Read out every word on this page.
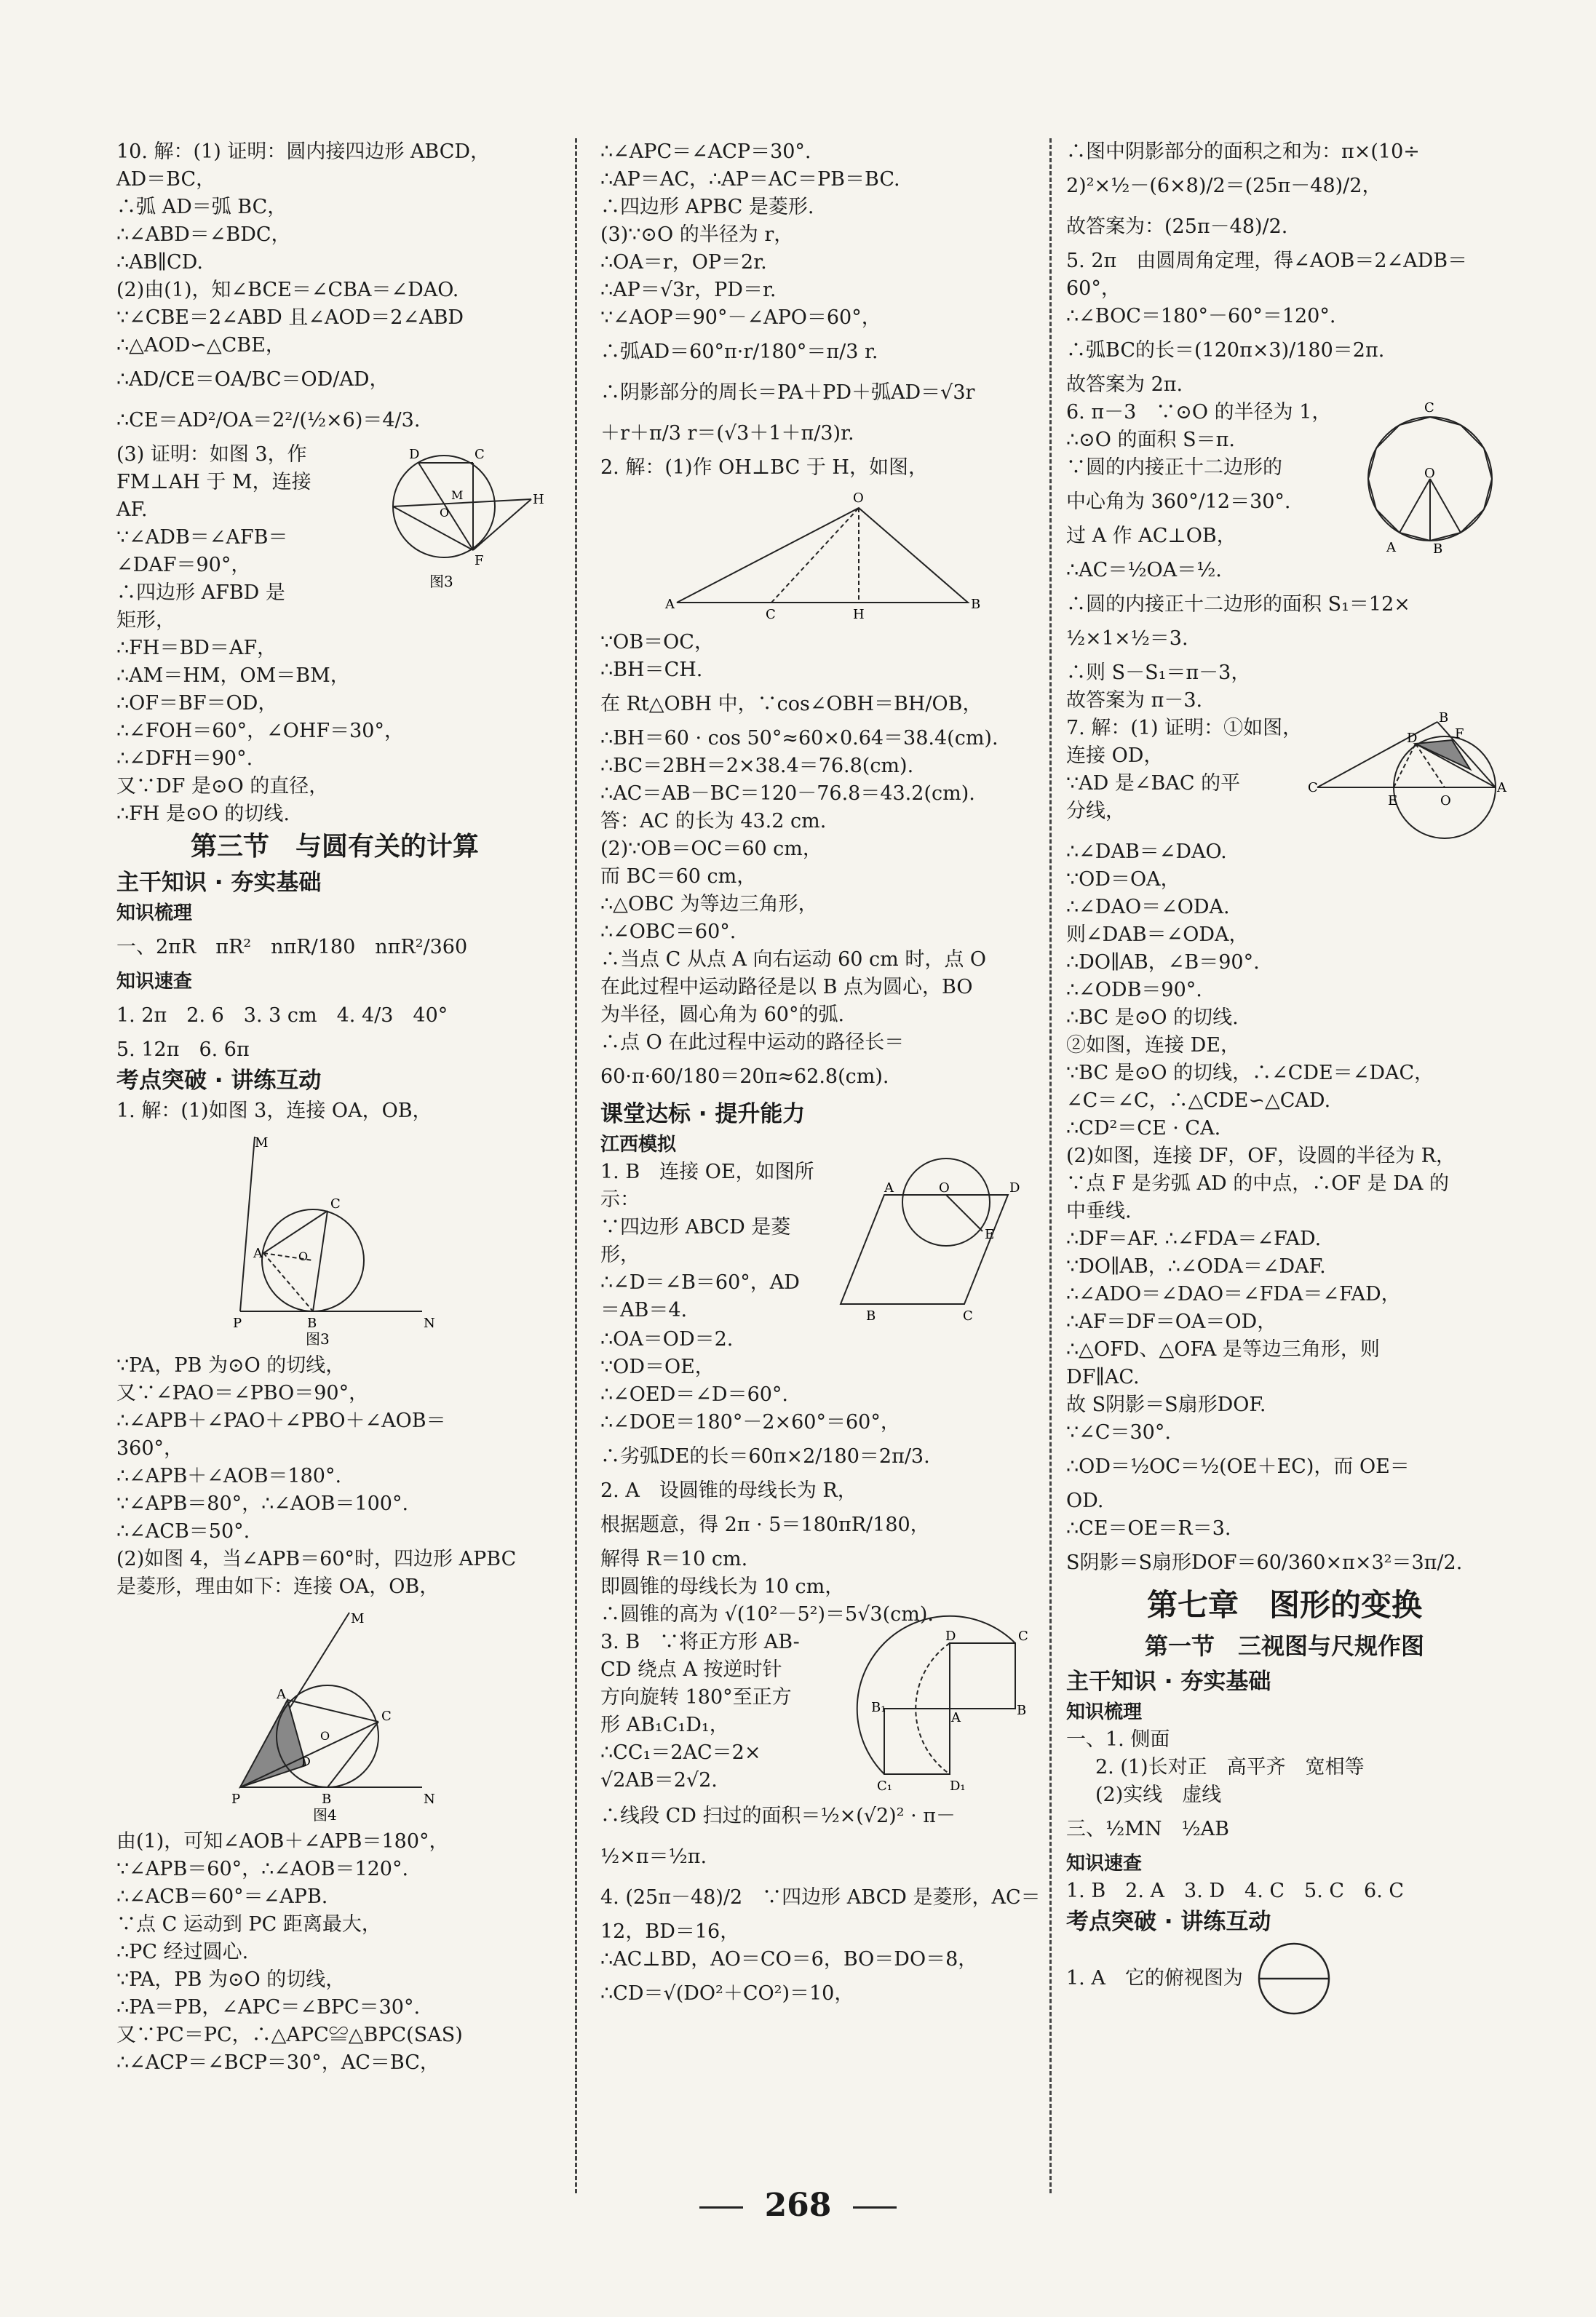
10. 解：(1) 证明：圆内接四边形 ABCD，
AD＝BC，
∴弧 AD＝弧 BC，
∴∠ABD＝∠BDC，
∴AB∥CD.
(2)由(1)，知∠BCE＝∠CBA＝∠DAO.
∵∠CBE＝2∠ABD 且∠AOD＝2∠ABD
∴△AOD∽△CBE，
∴AD/CE＝OA/BC＝OD/AD，
∴CE＝AD²/OA＝2²/(½×6)＝4/3.
(3) 证明：如图 3，作
FM⊥AH 于 M，连接
AF.
∵∠ADB＝∠AFB＝
∠DAF＝90°，
∴四边形 AFBD 是
矩形，
D	C
H
F
O
M
图3
∴FH＝BD＝AF，
∴AM＝HM，OM＝BM，
∴OF＝BF＝OD，
∴∠FOH＝60°，∠OHF＝30°，
∴∠DFH＝90°.
又∵DF 是⊙O 的直径，
∴FH 是⊙O 的切线.
第三节　与圆有关的计算
主干知识 · 夯实基础
知识梳理
一、2πR　πR²　nπR/180　nπR²/360
知识速查
1. 2π　2. 6　3. 3 cm　4. 4/3　40°
5. 12π　6. 6π
考点突破 · 讲练互动
1. 解：(1)如图 3，连接 OA，OB，
M
A
C
P	B	N
O
图3
∵PA，PB 为⊙O 的切线，
又∵∠PAO＝∠PBO＝90°，
∴∠APB＋∠PAO＋∠PBO＋∠AOB＝
360°，
∴∠APB＋∠AOB＝180°.
∵∠APB＝80°，∴∠AOB＝100°.
∴∠ACB＝50°.
(2)如图 4，当∠APB＝60°时，四边形 APBC
是菱形，理由如下：连接 OA，OB，
M
A
C
P	B	N
O
D
图4
由(1)，可知∠AOB＋∠APB＝180°，
∵∠APB＝60°，∴∠AOB＝120°.
∴∠ACB＝60°＝∠APB.
∵点 C 运动到 PC 距离最大，
∴PC 经过圆心.
∵PA，PB 为⊙O 的切线，
∴PA＝PB，∠APC＝∠BPC＝30°.
又∵PC＝PC，∴△APC≌△BPC(SAS)
∴∠ACP＝∠BCP＝30°，AC＝BC，
∴∠APC＝∠ACP＝30°.
∴AP＝AC，∴AP＝AC＝PB＝BC.
∴四边形 APBC 是菱形.
(3)∵⊙O 的半径为 r，
∴OA＝r，OP＝2r.
∴AP＝√3r，PD＝r.
∵∠AOP＝90°－∠APO＝60°，
∴弧AD＝60°π·r/180°＝π/3 r.
∴阴影部分的周长＝PA＋PD＋弧AD＝√3r
＋r＋π/3 r＝(√3＋1＋π/3)r.
2. 解：(1)作 OH⊥BC 于 H，如图，
O
A
C	H
B
∵OB＝OC，
∴BH＝CH.
在 Rt△OBH 中，∵cos∠OBH＝BH/OB，
∴BH＝60 · cos 50°≈60×0.64＝38.4(cm).
∴BC＝2BH＝2×38.4＝76.8(cm).
∴AC＝AB－BC＝120－76.8＝43.2(cm).
答：AC 的长为 43.2 cm.
(2)∵OB＝OC＝60 cm，
而 BC＝60 cm，
∴△OBC 为等边三角形，
∴∠OBC＝60°.
∴当点 C 从点 A 向右运动 60 cm 时，点 O
在此过程中运动路径是以 B 点为圆心，BO
为半径，圆心角为 60°的弧.
∴点 O 在此过程中运动的路径长＝
60·π·60/180＝20π≈62.8(cm).
课堂达标 · 提升能力
江西模拟
1. B　连接 OE，如图所
示：
∵四边形 ABCD 是菱
形，
∴∠D＝∠B＝60°，AD
＝AB＝4.
A	O	D
E
B	C
∴OA＝OD＝2.
∵OD＝OE，
∴∠OED＝∠D＝60°.
∴∠DOE＝180°－2×60°＝60°，
∴劣弧DE的长＝60π×2/180＝2π/3.
2. A　设圆锥的母线长为 R，
根据题意，得 2π · 5＝180πR/180，
解得 R＝10 cm.
即圆锥的母线长为 10 cm，
∴圆锥的高为 √(10²－5²)＝5√3(cm).
3. B　∵将正方形 AB-
CD 绕点 A 按逆时针
方向旋转 180°至正方
形 AB₁C₁D₁，
∴CC₁＝2AC＝2×
√2AB＝2√2.
D	C
B
A
B₁
C₁	D₁
∴线段 CD 扫过的面积＝½×(√2)² · π－
½×π＝½π.
4. (25π－48)/2　∵四边形 ABCD 是菱形，AC＝
12，BD＝16，
∴AC⊥BD，AO＝CO＝6，BO＝DO＝8，
∴CD＝√(DO²＋CO²)＝10，
∴图中阴影部分的面积之和为：π×(10÷
2)²×½－(6×8)/2＝(25π－48)/2，
故答案为：(25π－48)/2.
5. 2π　由圆周角定理，得∠AOB＝2∠ADB＝
60°，
∴∠BOC＝180°－60°＝120°.
∴弧BC的长＝(120π×3)/180＝2π.
故答案为 2π.
6. π－3　∵⊙O 的半径为 1，
∴⊙O 的面积 S＝π.
∵圆的内接正十二边形的
中心角为 360°/12＝30°.
过 A 作 AC⊥OB，
∴AC＝½OA＝½.
C
O
A	B
∴圆的内接正十二边形的面积 S₁＝12×
½×1×½＝3.
∴则 S－S₁＝π－3，
故答案为 π－3.
7. 解：(1) 证明：①如图，
连接 OD，
∵AD 是∠BAC 的平
分线，
B
D	F
C
E	O
A
∴∠DAB＝∠DAO.
∵OD＝OA，
∴∠DAO＝∠ODA.
则∠DAB＝∠ODA，
∴DO∥AB，∠B＝90°.
∴∠ODB＝90°.
∴BC 是⊙O 的切线.
②如图，连接 DE，
∵BC 是⊙O 的切线，∴∠CDE＝∠DAC，
∠C＝∠C，∴△CDE∽△CAD.
∴CD²＝CE · CA.
(2)如图，连接 DF，OF，设圆的半径为 R，
∵点 F 是劣弧 AD 的中点，∴OF 是 DA 的
中垂线.
∴DF＝AF. ∴∠FDA＝∠FAD.
∵DO∥AB，∴∠ODA＝∠DAF.
∴∠ADO＝∠DAO＝∠FDA＝∠FAD，
∴AF＝DF＝OA＝OD，
∴△OFD、△OFA 是等边三角形，则
DF∥AC.
故 S阴影＝S扇形DOF.
∵∠C＝30°.
∴OD＝½OC＝½(OE＋EC)，而 OE＝
OD.
∴CE＝OE＝R＝3.
S阴影＝S扇形DOF＝60/360×π×3²＝3π/2.
第七章　图形的变换
第一节　三视图与尺规作图
主干知识 · 夯实基础
知识梳理
一、1. 侧面
2. (1)长对正　高平齐　宽相等
(2)实线　虚线
三、½MN　½AB
知识速查
1. B　2. A　3. D　4. C　5. C　6. C
考点突破 · 讲练互动
1. A　它的俯视图为
268
